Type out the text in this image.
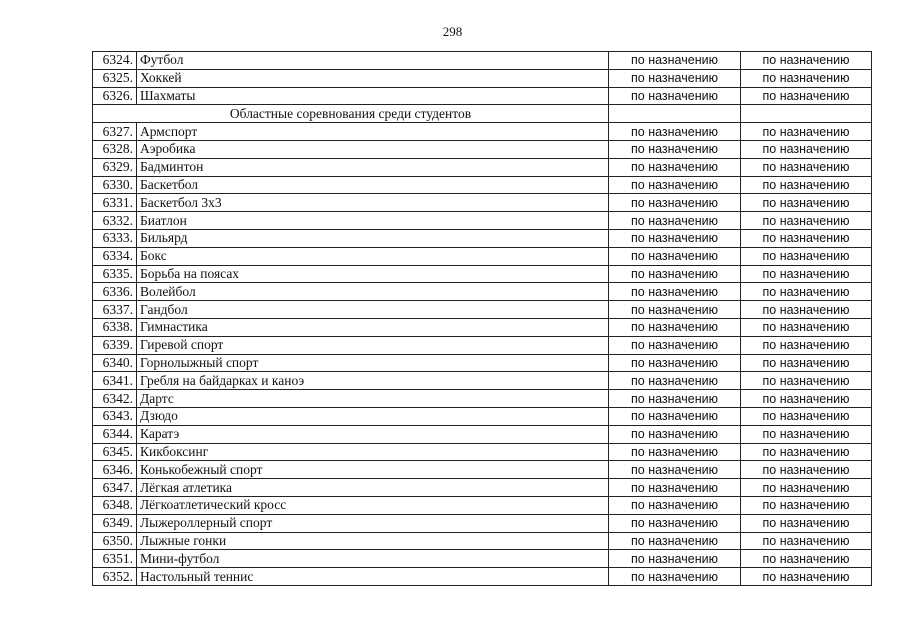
298
6324.	Футбол	по назначению	по назначению
6325.	Хоккей	по назначению	по назначению
6326.	Шахматы	по назначению	по назначению
Областные соревнования среди студентов			
6327.	Армспорт	по назначению	по назначению
6328.	Аэробика	по назначению	по назначению
6329.	Бадминтон	по назначению	по назначению
6330.	Баскетбол	по назначению	по назначению
6331.	Баскетбол 3х3	по назначению	по назначению
6332.	Биатлон	по назначению	по назначению
6333.	Бильярд	по назначению	по назначению
6334.	Бокс	по назначению	по назначению
6335.	Борьба на поясах	по назначению	по назначению
6336.	Волейбол	по назначению	по назначению
6337.	Гандбол	по назначению	по назначению
6338.	Гимнастика	по назначению	по назначению
6339.	Гиревой спорт	по назначению	по назначению
6340.	Горнолыжный спорт	по назначению	по назначению
6341.	Гребля на байдарках и каноэ	по назначению	по назначению
6342.	Дартс	по назначению	по назначению
6343.	Дзюдо	по назначению	по назначению
6344.	Каратэ	по назначению	по назначению
6345.	Кикбоксинг	по назначению	по назначению
6346.	Конькобежный спорт	по назначению	по назначению
6347.	Лёгкая атлетика	по назначению	по назначению
6348.	Лёгкоатлетический кросс	по назначению	по назначению
6349.	Лыжероллерный спорт	по назначению	по назначению
6350.	Лыжные гонки	по назначению	по назначению
6351.	Мини-футбол	по назначению	по назначению
6352.	Настольный теннис	по назначению	по назначению
